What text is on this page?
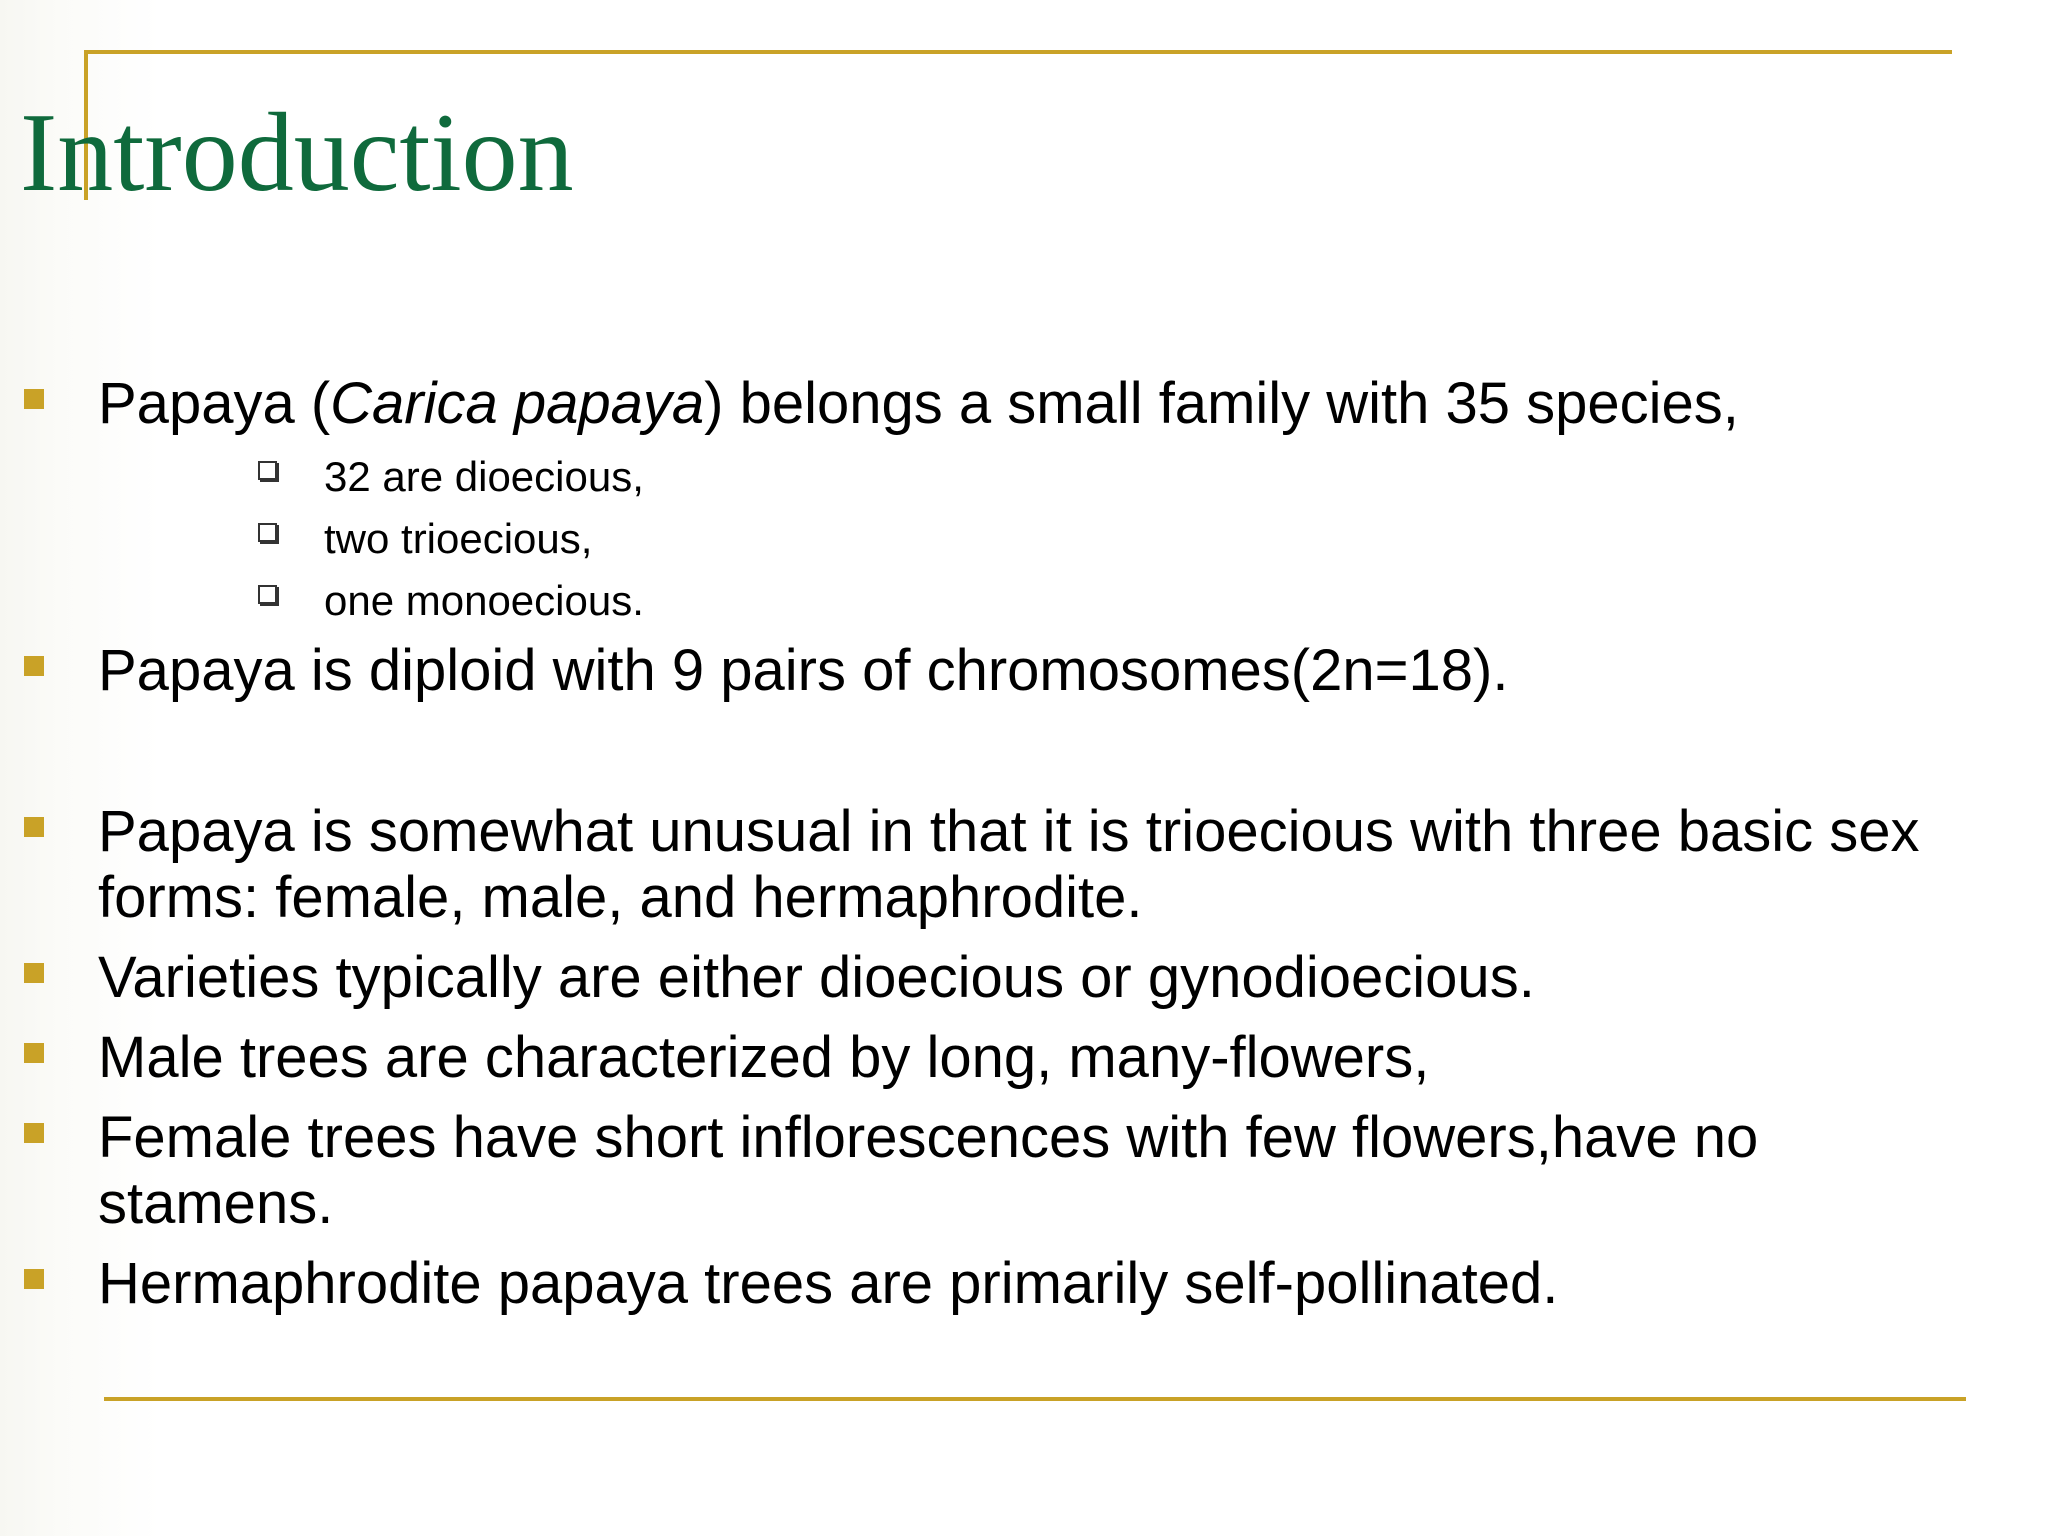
Introduction
Papaya (Carica papaya) belongs a small family with 35 species,
32 are dioecious,
two trioecious,
one monoecious.
Papaya is diploid with 9 pairs of chromosomes(2n=18).
Papaya is somewhat unusual in that it is trioecious with three basic sex forms: female, male, and hermaphrodite.
Varieties typically are either dioecious or gynodioecious.
Male trees are characterized by long, many-flowers,
Female trees have short inflorescences with few flowers,have no stamens.
Hermaphrodite papaya trees are primarily self-pollinated.
